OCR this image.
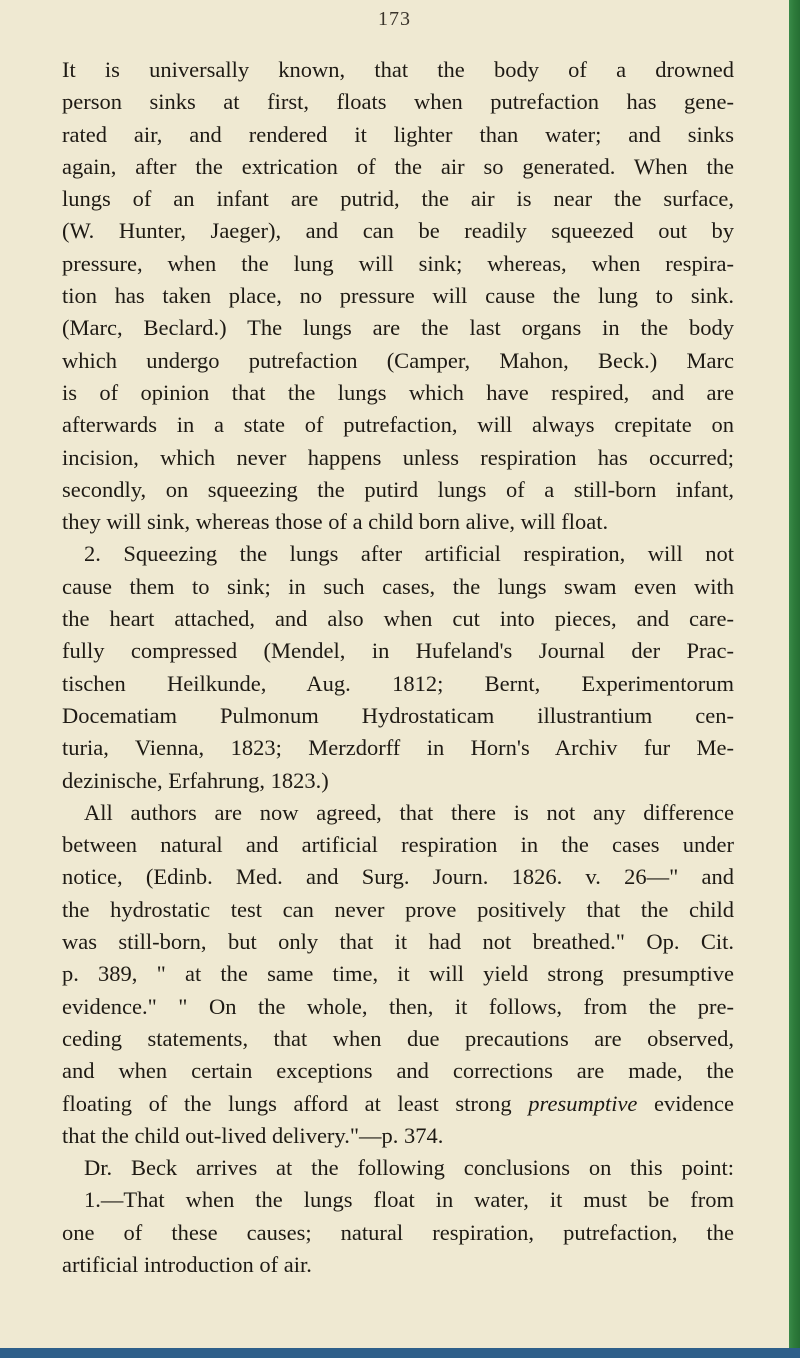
173
It is universally known, that the body of a drowned
person sinks at first, floats when putrefaction has gene-
rated air, and rendered it lighter than water; and sinks
again, after the extrication of the air so generated. When the
lungs of an infant are putrid, the air is near the surface,
(W. Hunter, Jaeger), and can be readily squeezed out by
pressure, when the lung will sink; whereas, when respira-
tion has taken place, no pressure will cause the lung to sink.
(Marc, Beclard.) The lungs are the last organs in the body
which undergo putrefaction (Camper, Mahon, Beck.) Marc
is of opinion that the lungs which have respired, and are
afterwards in a state of putrefaction, will always crepitate on
incision, which never happens unless respiration has occurred;
secondly, on squeezing the putird lungs of a still-born infant,
they will sink, whereas those of a child born alive, will float.
2. Squeezing the lungs after artificial respiration, will not
cause them to sink; in such cases, the lungs swam even with
the heart attached, and also when cut into pieces, and care-
fully compressed (Mendel, in Hufeland's Journal der Prac-
tischen Heilkunde, Aug. 1812; Bernt, Experimentorum
Docematiam Pulmonum Hydrostaticam illustrantium cen-
turia, Vienna, 1823; Merzdorff in Horn's Archiv fur Me-
dezinische, Erfahrung, 1823.)
All authors are now agreed, that there is not any difference
between natural and artificial respiration in the cases under
notice, (Edinb. Med. and Surg. Journ. 1826. v. 26—" and
the hydrostatic test can never prove positively that the child
was still-born, but only that it had not breathed." Op. Cit.
p. 389, " at the same time, it will yield strong presumptive
evidence." " On the whole, then, it follows, from the pre-
ceding statements, that when due precautions are observed,
and when certain exceptions and corrections are made, the
floating of the lungs afford at least strong presumptive evidence
that the child out-lived delivery."—p. 374.
Dr. Beck arrives at the following conclusions on this point:
1.—That when the lungs float in water, it must be from
one of these causes; natural respiration, putrefaction, the
artificial introduction of air.
